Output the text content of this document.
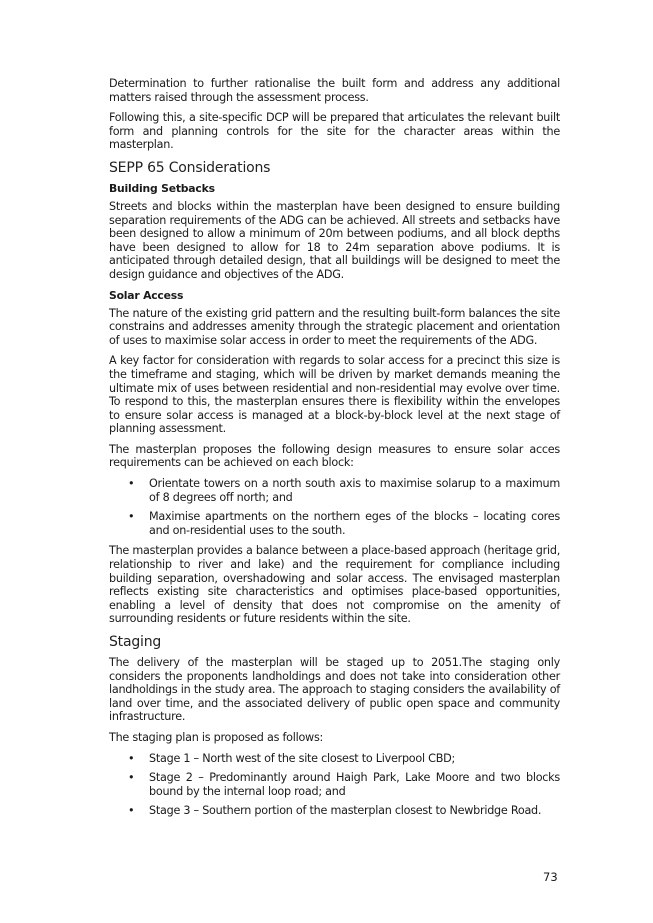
Determination to further rationalise the built form and address any additional matters raised through the assessment process.

Following this, a site-specific DCP will be prepared that articulates the relevant built form and planning controls for the site for the character areas within the masterplan.

SEPP 65 Considerations
Building Setbacks

Streets and blocks within the masterplan have been designed to ensure building separation requirements of the ADG can be achieved. All streets and setbacks have been designed to allow a minimum of 20m between podiums, and all block depths have been designed to allow for 18 to 24m separation above podiums. It is anticipated through detailed design, that all buildings will be designed to meet the design guidance and objectives of the ADG.

Solar Access

The nature of the existing grid pattern and the resulting built-form balances the site constrains and addresses amenity through the strategic placement and orientation of uses to maximise solar access in order to meet the requirements of the ADG.

A key factor for consideration with regards to solar access for a precinct this size is the timeframe and staging, which will be driven by market demands meaning the ultimate mix of uses between residential and non-residential may evolve over time. To respond to this, the masterplan ensures there is flexibility within the envelopes to ensure solar access is managed at a block-by-block level at the next stage of planning assessment.

The masterplan proposes the following design measures to ensure solar acces requirements can be achieved on each block:

• Orientate towers on a north south axis to maximise solarup to a maximum of 8 degrees off north; and
• Maximise apartments on the northern eges of the blocks – locating cores and on-residential uses to the south.

The masterplan provides a balance between a place-based approach (heritage grid, relationship to river and lake) and the requirement for compliance including building separation, overshadowing and solar access. The envisaged masterplan reflects existing site characteristics and optimises place-based opportunities, enabling a level of density that does not compromise on the amenity of surrounding residents or future residents within the site.

Staging

The delivery of the masterplan will be staged up to 2051.The staging only considers the proponents landholdings and does not take into consideration other landholdings in the study area. The approach to staging considers the availability of land over time, and the associated delivery of public open space and community infrastructure.

The staging plan is proposed as follows:

• Stage 1 – North west of the site closest to Liverpool CBD;
• Stage 2 – Predominantly around Haigh Park, Lake Moore and two blocks bound by the internal loop road; and
• Stage 3 – Southern portion of the masterplan closest to Newbridge Road.
73
